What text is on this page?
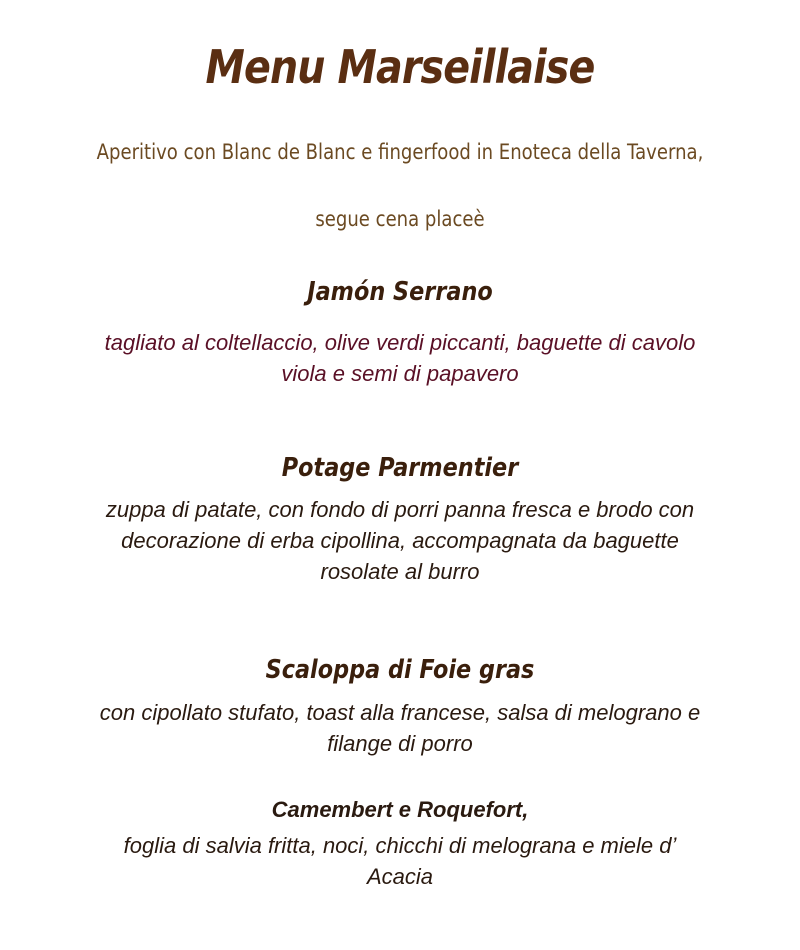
Menu Marseillaise
Aperitivo con Blanc de Blanc e fingerfood in Enoteca della Taverna,
segue cena placeè
Jamón Serrano
tagliato al coltellaccio, olive verdi piccanti, baguette di cavolo
viola e semi di papavero
Potage Parmentier
zuppa di patate, con fondo di porri panna fresca e brodo con
decorazione di erba cipollina, accompagnata da baguette
rosolate al burro
Scaloppa di Foie gras
con cipollato stufato, toast alla francese, salsa di melograno e
filange di porro
Camembert e Roquefort,
foglia di salvia fritta, noci, chicchi di melograna e miele d’
Acacia
